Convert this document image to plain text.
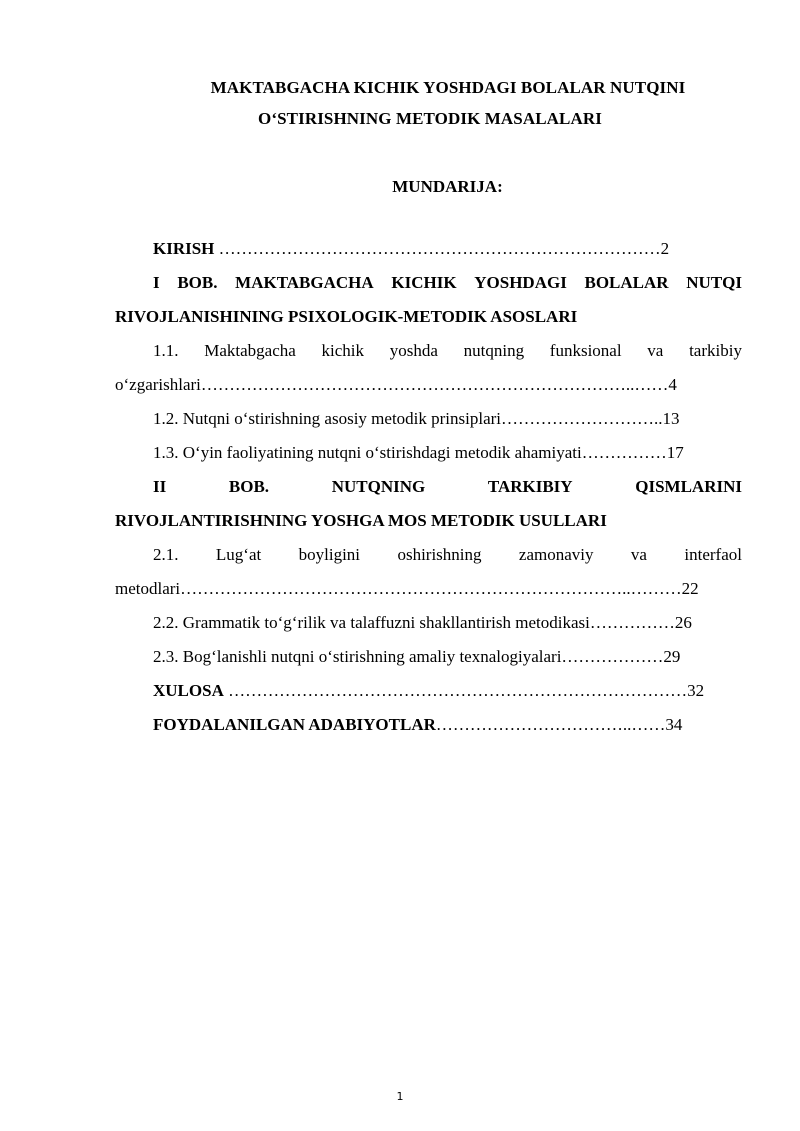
MAKTABGACHA KICHIK YOSHDAGI BOLALAR NUTQINI
O‘STIRISHNING METODIK MASALALARI
MUNDARIJA:
KIRISH ……………………………………………………………………2
I BOB. MAKTABGACHA KICHIK YOSHDAGI BOLALAR NUTQI
RIVOJLANISHINING PSIXOLOGIK-METODIK ASOSLARI
1.1. Maktabgacha kichik yoshda nutqning funksional va tarkibiy
o‘zgarishlari…………………………………………………………………..……4
1.2. Nutqni o‘stirishning asosiy metodik prinsiplari………………………..13
1.3. O‘yin faoliyatining nutqni o‘stirishdagi metodik ahamiyati……………17
II	BOB.	NUTQNING	TARKIBIY	QISMLARINI
RIVOJLANTIRISHNING YOSHGA MOS METODIK USULLARI
2.1. Lug‘at boyligini oshirishning zamonaviy va interfaol
metodlari……………………………………………………………………..………22
2.2. Grammatik to‘g‘rilik va talaffuzni shakllantirish metodikasi……………26
2.3. Bog‘lanishli nutqni o‘stirishning amaliy texnalogiyalari………………29
XULOSA ………………………………………………………………………32
FOYDALANILGAN ADABIYOTLAR……………………………..……34
1
